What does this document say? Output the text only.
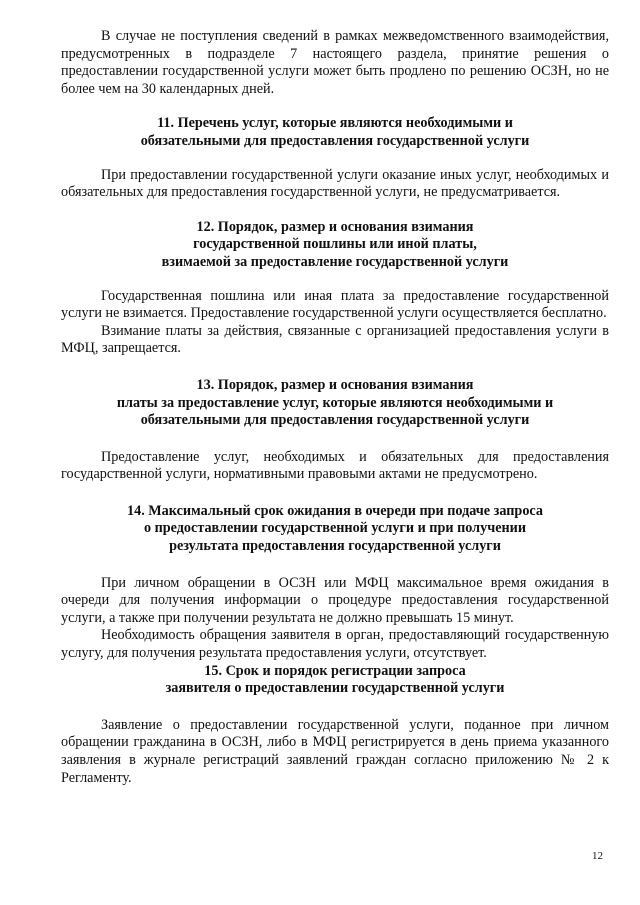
В случае не поступления сведений в рамках межведомственного взаимодействия, предусмотренных в подразделе 7 настоящего раздела, принятие решения о предоставлении государственной услуги может быть продлено по решению ОСЗН, но не более чем на 30 календарных дней.

11. Перечень услуг, которые являются необходимыми и
обязательными для предоставления государственной услуги

При предоставлении государственной услуги оказание иных услуг, необходимых и обязательных для предоставления государственной услуги, не предусматривается.

12. Порядок, размер и основания взимания
государственной пошлины или иной платы,
взимаемой за предоставление государственной услуги

Государственная пошлина или иная плата за предоставление государственной услуги не взимается. Предоставление государственной услуги осуществляется бесплатно.

Взимание платы за действия, связанные с организацией предоставления услуги в МФЦ, запрещается.

13. Порядок, размер и основания взимания
платы за предоставление услуг, которые являются необходимыми и
обязательными для предоставления государственной услуги

Предоставление услуг, необходимых и обязательных для предоставления государственной услуги, нормативными правовыми актами не предусмотрено.

14. Максимальный срок ожидания в очереди при подаче запроса
о предоставлении государственной услуги и при получении
результата предоставления государственной услуги

При личном обращении в ОСЗН или МФЦ максимальное время ожидания в очереди для получения информации о процедуре предоставления государственной услуги, а также при получении результата не должно превышать 15 минут.

Необходимость обращения заявителя в орган, предоставляющий государственную услугу, для получения результата предоставления услуги, отсутствует.

15. Срок и порядок регистрации запроса
заявителя о предоставлении государственной услуги

Заявление о предоставлении государственной услуги, поданное при личном обращении гражданина в ОСЗН, либо в МФЦ регистрируется в день приема указанного заявления в журнале регистраций заявлений граждан согласно приложению № 2 к Регламенту.

12
